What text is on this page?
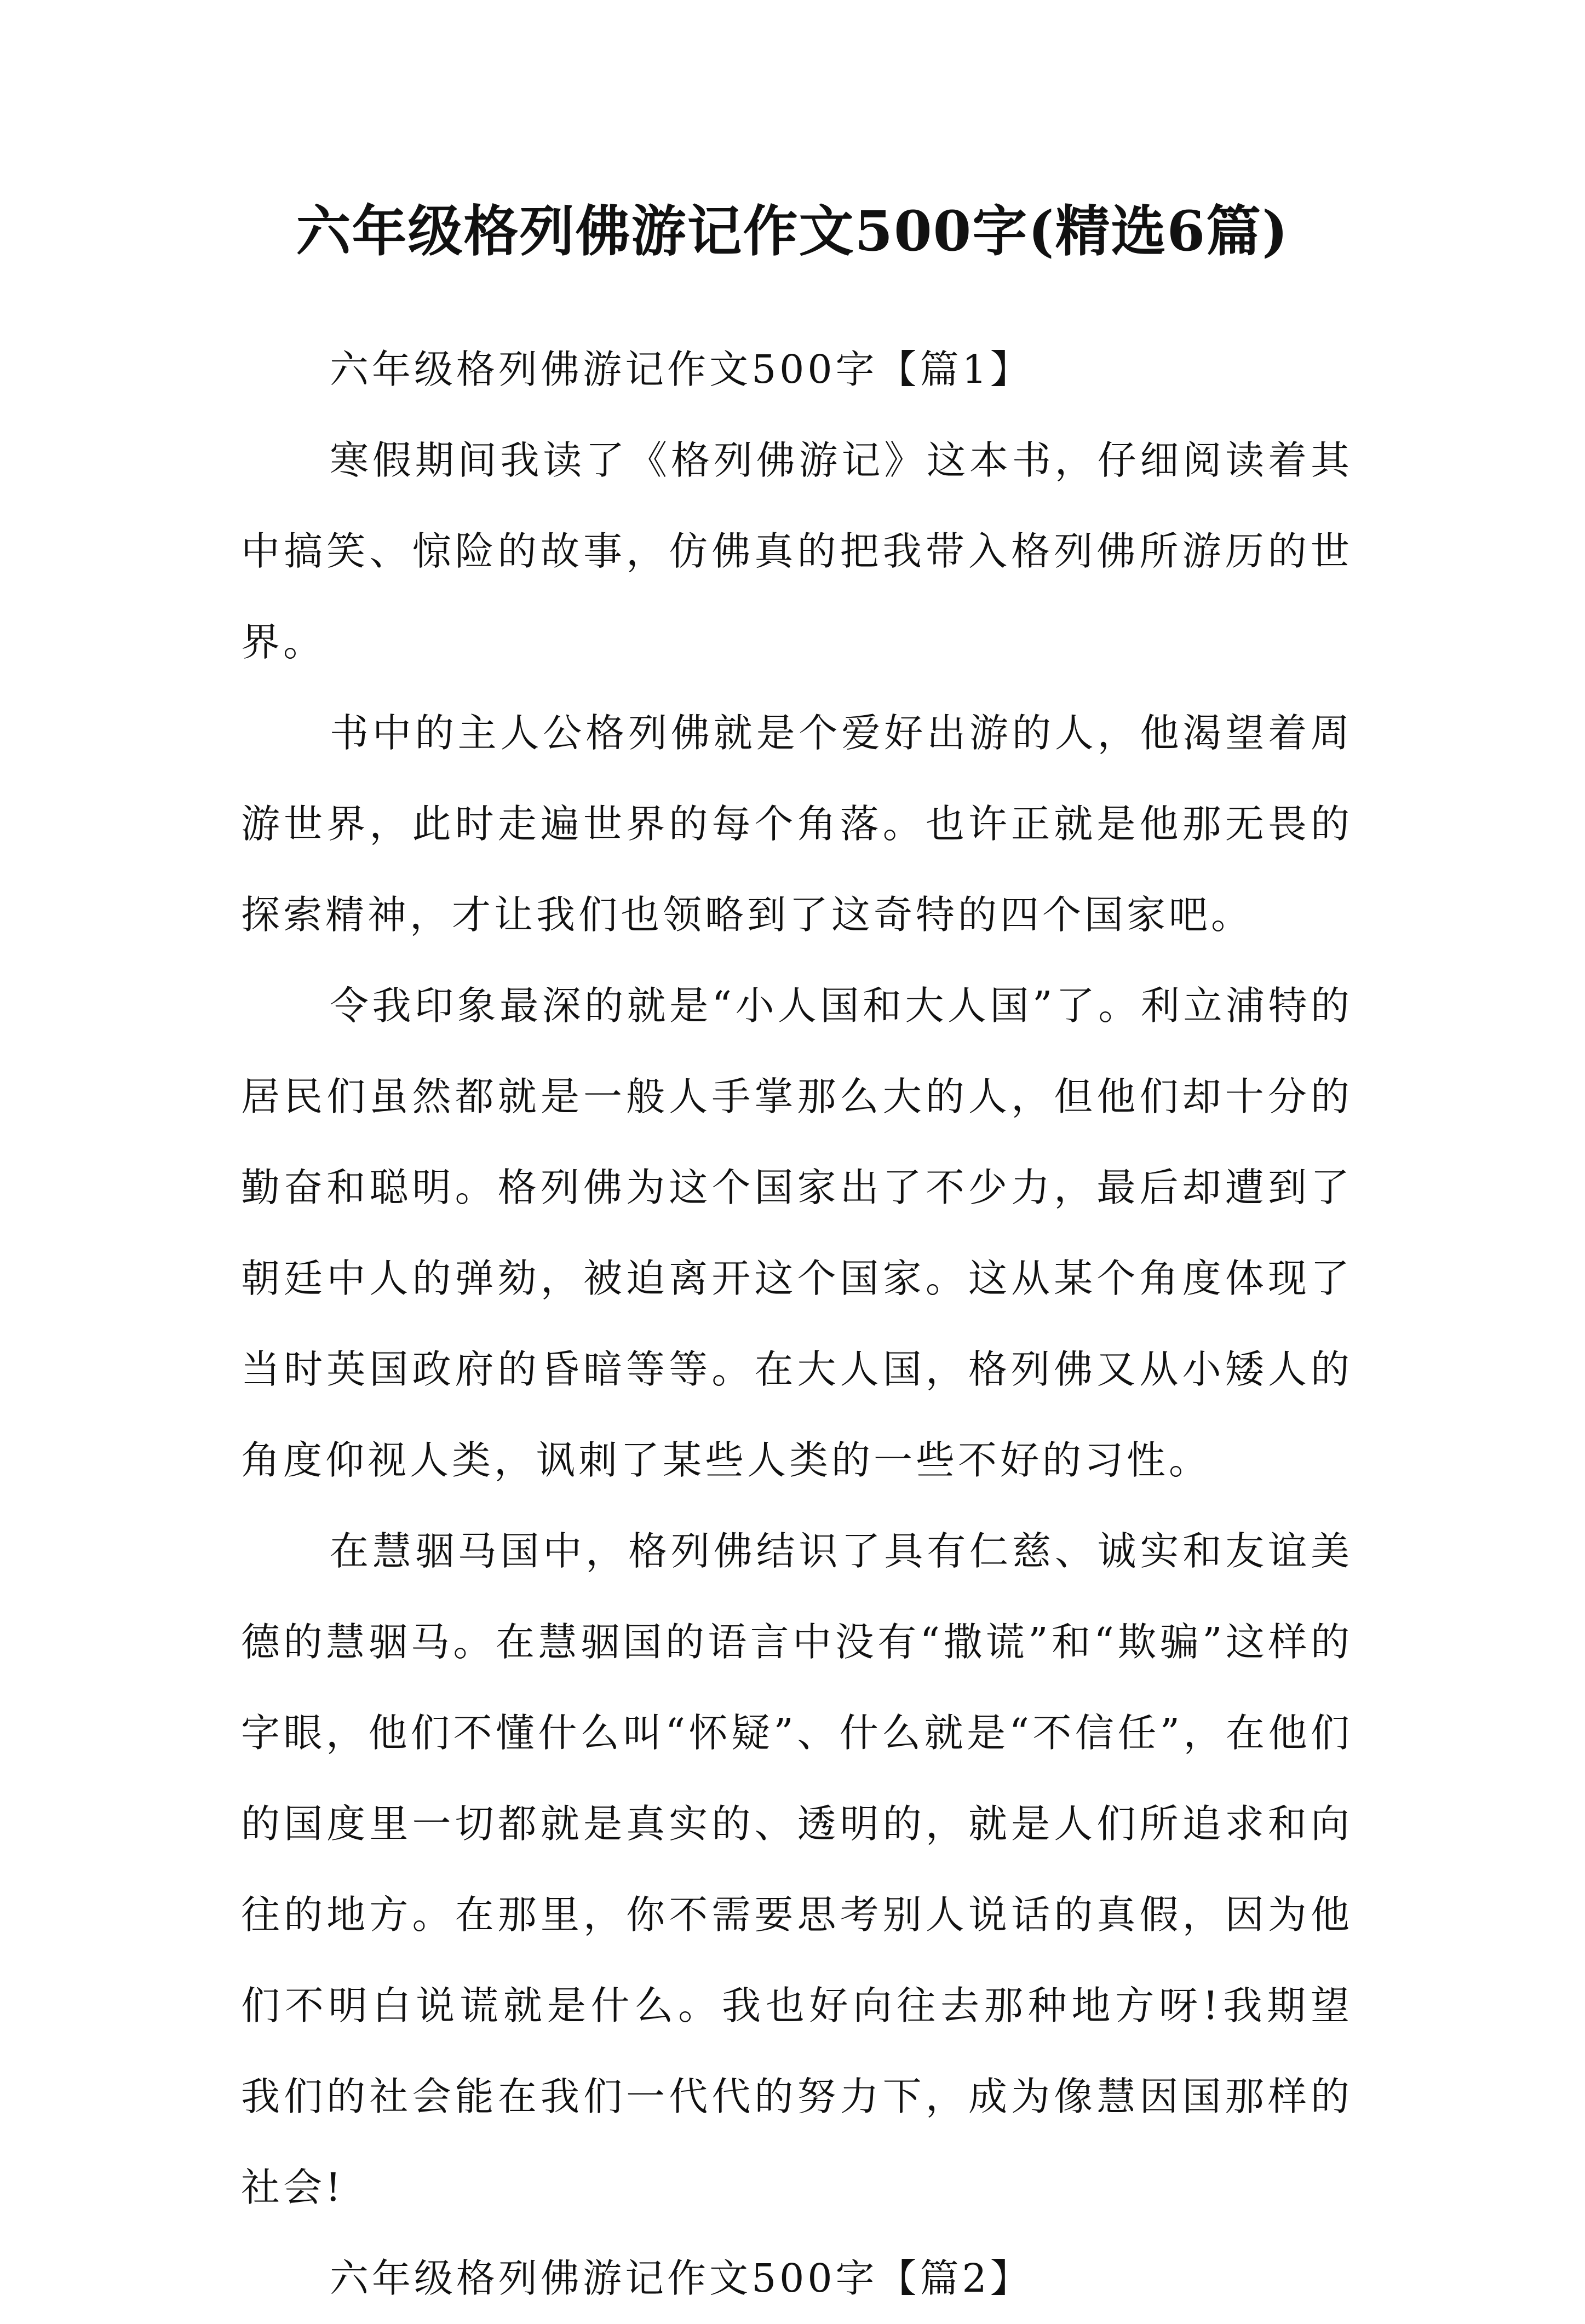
六年级格列佛游记作文500字(精选6篇)
六年级格列佛游记作文500字【篇1】

寒假期间我读了《格列佛游记》这本书，仔细阅读着其中搞笑、惊险的故事，仿佛真的把我带入格列佛所游历的世界。

书中的主人公格列佛就是个爱好出游的人，他渴望着周游世界，此时走遍世界的每个角落。也许正就是他那无畏的探索精神，才让我们也领略到了这奇特的四个国家吧。

令我印象最深的就是“小人国和大人国”了。利立浦特的居民们虽然都就是一般人手掌那么大的人，但他们却十分的勤奋和聪明。格列佛为这个国家出了不少力，最后却遭到了朝廷中人的弹劾，被迫离开这个国家。这从某个角度体现了当时英国政府的昏暗等等。在大人国，格列佛又从小矮人的角度仰视人类，讽刺了某些人类的一些不好的习性。

在慧骃马国中，格列佛结识了具有仁慈、诚实和友谊美德的慧骃马。在慧骃国的语言中没有“撒谎”和“欺骗”这样的字眼，他们不懂什么叫“怀疑”、什么就是“不信任”，在他们的国度里一切都就是真实的、透明的，就是人们所追求和向往的地方。在那里，你不需要思考别人说话的真假，因为他们不明白说谎就是什么。我也好向往去那种地方呀!我期望我们的社会能在我们一代代的努力下，成为像慧因国那样的社会!

六年级格列佛游记作文500字【篇2】
